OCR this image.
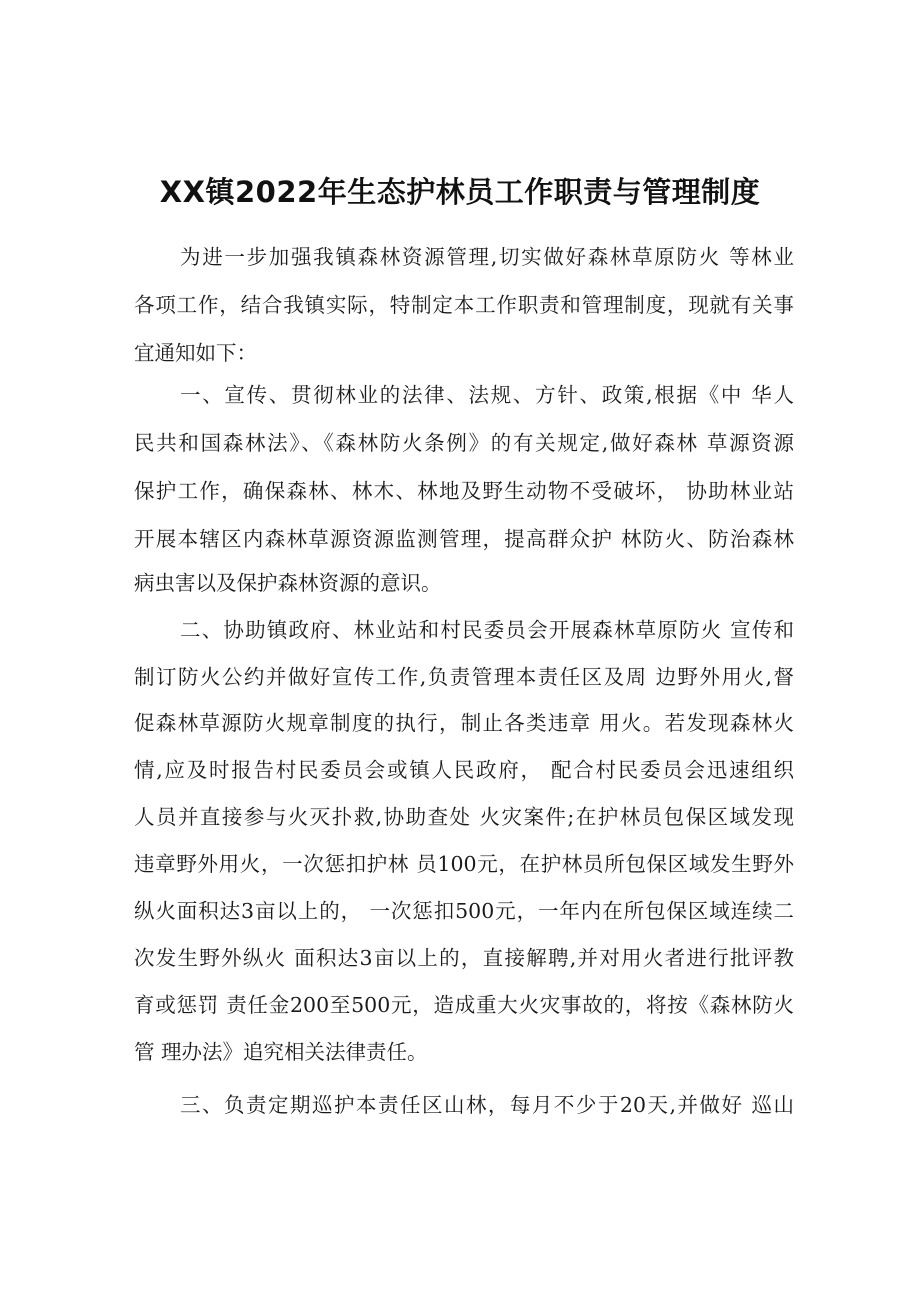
XX镇2022年生态护林员工作职责与管理制度
为进一步加强我镇森林资源管理,切实做好森林草原防火 等林业
各项工作，结合我镇实际，特制定本工作职责和管理制度，现就有关事
宜通知如下：
一、宣传、贯彻林业的法律、法规、方针、政策,根据《中 华人
民共和国森林法》、《森林防火条例》的有关规定,做好森林 草源资源
保护工作，确保森林、林木、林地及野生动物不受破坏， 协助林业站
开展本辖区内森林草源资源监测管理，提高群众护 林防火、防治森林
病虫害以及保护森林资源的意识。
二、协助镇政府、林业站和村民委员会开展森林草原防火 宣传和
制订防火公约并做好宣传工作,负责管理本责任区及周 边野外用火,督
促森林草源防火规章制度的执行，制止各类违章 用火。若发现森林火
情,应及时报告村民委员会或镇人民政府， 配合村民委员会迅速组织
人员并直接参与火灭扑救,协助查处 火灾案件;在护林员包保区域发现
违章野外用火，一次惩扣护林 员100元，在护林员所包保区域发生野外
纵火面积达3亩以上的， 一次惩扣500元，一年内在所包保区域连续二
次发生野外纵火 面积达3亩以上的，直接解聘,并对用火者进行批评教
育或惩罚 责任金200至500元，造成重大火灾事故的，将按《森林防火
管 理办法》追究相关法律责任。
三、负责定期巡护本责任区山林，每月不少于20天,并做好 巡山
